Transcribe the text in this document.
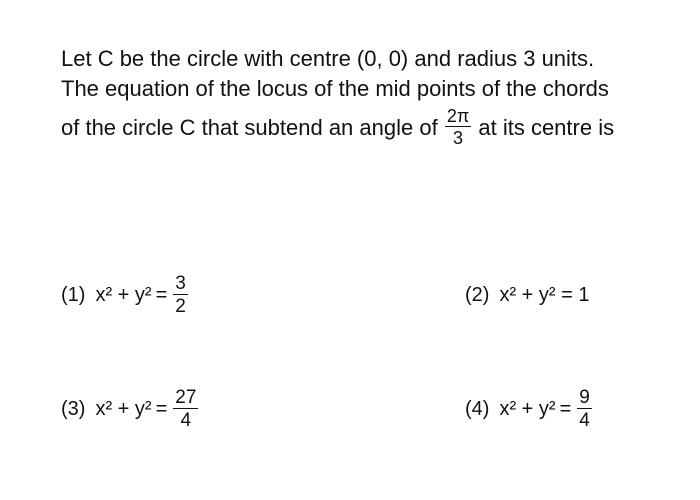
Let C be the circle with centre (0, 0) and radius 3 units.
The equation of the locus of the mid points of the chords
of the circle C that subtend an angle of $\frac{2\pi}{3}$ at its centre is
(1) $x^2 + y^2 = \frac{3}{2}$	(2) x² + y² = 1
(3) $x^2 + y^2 = \frac{27}{4}$	(4) $x^2 + y^2 = \frac{9}{4}$
